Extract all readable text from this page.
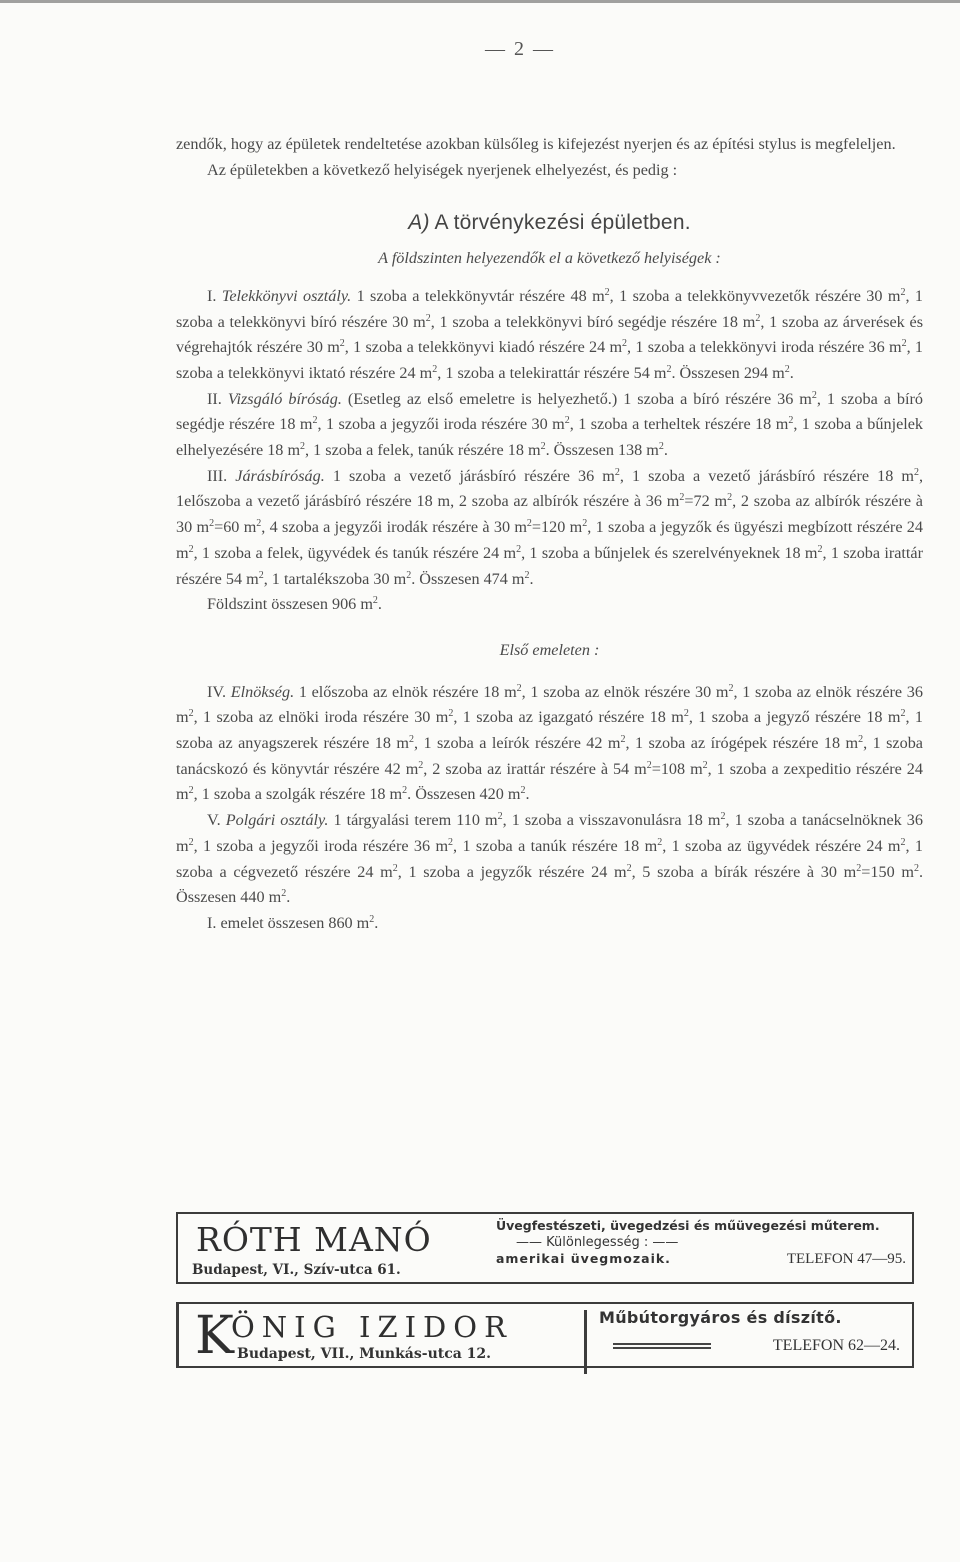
— 2 —

zendők, hogy az épületek rendeltetése azokban külsőleg is kifejezést nyerjen és az építési stylus is megfeleljen.

Az épületekben a következő helyiségek nyerjenek elhelyezést, és pedig :

A) A törvénykezési épületben.

A földszinten helyezendők el a következő helyiségek :

I. Telekkönyvi osztály. 1 szoba a telekkönyvtár részére 48 $m^2$, 1 szoba a telekkönyvvezetők részére 30 $m^2$, 1 szoba a telekkönyvi bíró részére 30 $m^2$, 1 szoba a telekkönyvi bíró segédje részére 18 $m^2$, 1 szoba az árverések és végrehajtók részére 30 $m^2$, 1 szoba a telekkönyvi kiadó részére 24 $m^2$, 1 szoba a telekkönyvi iroda részére 36 $m^2$, 1 szoba a telekkönyvi iktató részére 24 $m^2$, 1 szoba a telekirattár részére 54 $m^2$. Összesen 294 $m^2$.

II. Vizsgáló bíróság. (Esetleg az első emeletre is helyezhető.) 1 szoba a bíró részére 36 $m^2$, 1 szoba a bíró segédje részére 18 $m^2$, 1 szoba a jegyzői iroda részére 30 $m^2$, 1 szoba a terheltek részére 18 $m^2$, 1 szoba a bűnjelek elhelyezésére 18 $m^2$, 1 szoba a felek, tanúk részére 18 $m^2$. Összesen 138 $m^2$.

III. Járásbíróság. 1 szoba a vezető járásbíró részére 36 $m^2$, 1 szoba a vezető járásbíró részére 18 $m^2$, 1előszoba a vezető járásbíró részére 18 m, 2 szoba az albírók részére à 36 $m^2=72$ $m^2$, 2 szoba az albírók részére à 30 $m^2=60$ $m^2$, 4 szoba a jegyzői irodák részére à 30 $m^2=120$ $m^2$, 1 szoba a jegyzők és ügyészi megbízott részére 24 $m^2$, 1 szoba a felek, ügyvédek és tanúk részére 24 $m^2$, 1 szoba a bűnjelek és szerelvényeknek 18 $m^2$, 1 szoba irattár részére 54 $m^2$, 1 tartalékszoba 30 $m^2$. Összesen 474 $m^2$.

Földszint összesen 906 $m^2$.

Első emeleten :

IV. Elnökség. 1 előszoba az elnök részére 18 $m^2$, 1 szoba az elnök részére 30 $m^2$, 1 szoba az elnök részére 36 $m^2$, 1 szoba az elnöki iroda részére 30 $m^2$, 1 szoba az igazgató részére 18 $m^2$, 1 szoba a jegyző részére 18 $m^2$, 1 szoba az anyagszerek részére 18 $m^2$, 1 szoba a leírók részére 42 $m^2$, 1 szoba az írógépek részére 18 $m^2$, 1 szoba tanácskozó és könyvtár részére 42 $m^2$, 2 szoba az irattár részére à 54 $m^2=108$ $m^2$, 1 szoba a zexpeditio részére 24 $m^2$, 1 szoba a szolgák részére 18 $m^2$. Összesen 420 $m^2$.

V. Polgári osztály. 1 tárgyalási terem 110 $m^2$, 1 szoba a visszavonulásra 18 $m^2$, 1 szoba a tanácselnöknek 36 $m^2$, 1 szoba a jegyzői iroda részére 36 $m^2$, 1 szoba a tanúk részére 18 $m^2$, 1 szoba az ügyvédek részére 24 $m^2$, 1 szoba a cégvezető részére 24 $m^2$, 1 szoba a jegyzők részére 24 $m^2$, 5 szoba a bírák részére à 30 $m^2=150$ $m^2$. Összesen 440 $m^2$.

I. emelet összesen 860 $m^2$.

RÓTH MANÓ
Budapest, VI., Szív-utca 61.
Üvegfestészeti, üvegedzési és műüvegezési műterem.
—— Különlegesség : ——
amerikai üvegmozaik.	TELEFON 47—95.
K
ÖNIG IZIDOR
Budapest, VII., Munkás-utca 12.
Műbútorgyáros és díszítő.
TELEFON 62—24.
